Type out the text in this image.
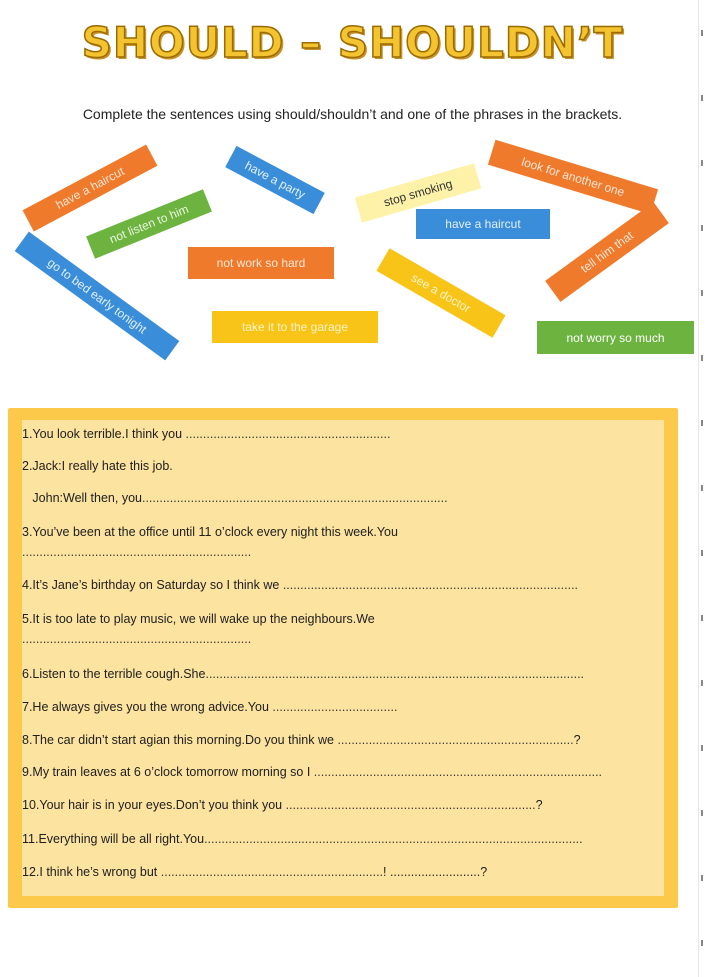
SHOULD – SHOULDN’T
Complete the sentences using should/shouldn’t and one of the phrases in the brackets.
have a haircut	have a party	stop smoking	look for another one
not listen to him	have a haircut
not work so hard	tell him that
go to bed early tonight	see a doctor
take it to the garage
not worry so much
1.You look terrible.I think you ...........................................................
2.Jack:I really hate this job.
John:Well then, you........................................................................................
3.You’ve been at the office until 11 o’clock every night this week.You
..................................................................
4.It’s Jane’s birthday on Saturday so I think we .....................................................................................
5.It is too late to play music, we will wake up the neighbours.We
..................................................................
6.Listen to the terrible cough.She.............................................................................................................
7.He always gives you the wrong advice.You ....................................
8.The car didn’t start agian this morning.Do you think we ....................................................................?
9.My train leaves at 6 o’clock tomorrow morning so I ...................................................................................
10.Your hair is in your eyes.Don’t you think you ........................................................................?
11.Everything will be all right.You.............................................................................................................
12.I think he’s wrong but ................................................................! ..........................?
